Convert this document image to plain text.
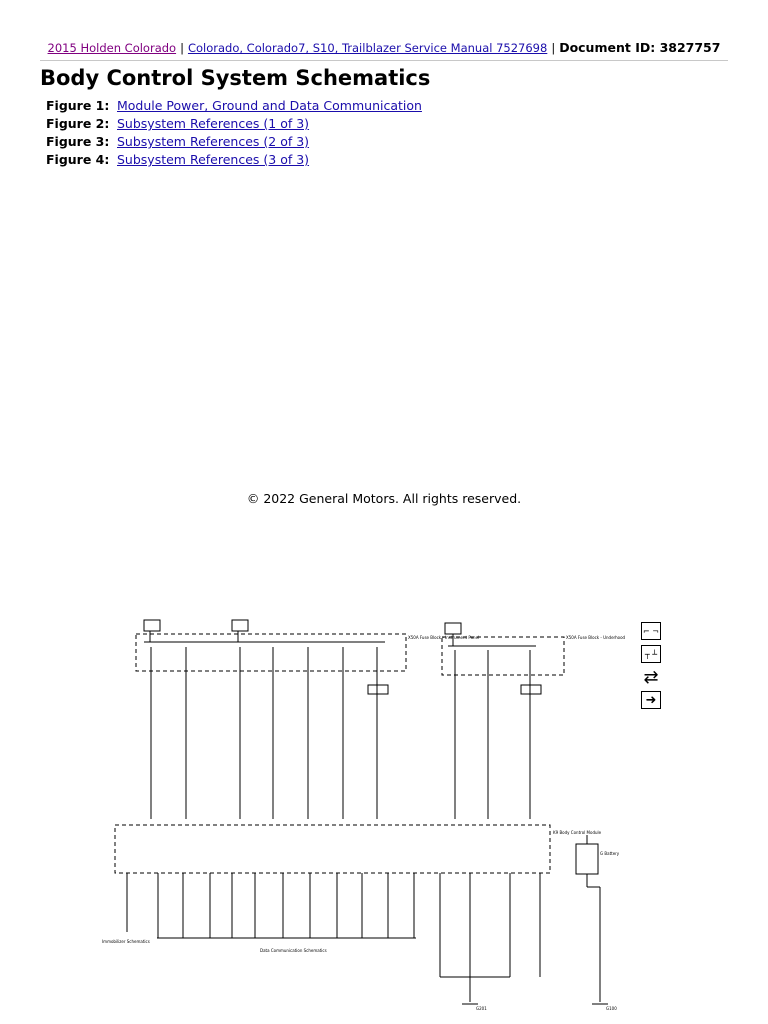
2015 Holden Colorado | Colorado, Colorado7, S10, Trailblazer Service Manual 7527698 | Document ID: 3827757
Body Control System Schematics
Figure 1: Module Power, Ground and Data Communication
Figure 2: Subsystem References (1 of 3)
Figure 3: Subsystem References (2 of 3)
Figure 4: Subsystem References (3 of 3)
© 2022 General Motors. All rights reserved.
X50A Fuse Block - Instrument Panel	X50A Fuse Block - Underhood
K9 Body Control Module
G Battery
Immobilizer Schematics
Data Communication Schematics
G201	G100
⌐ ¬
┬ ┴
⇄
➜
